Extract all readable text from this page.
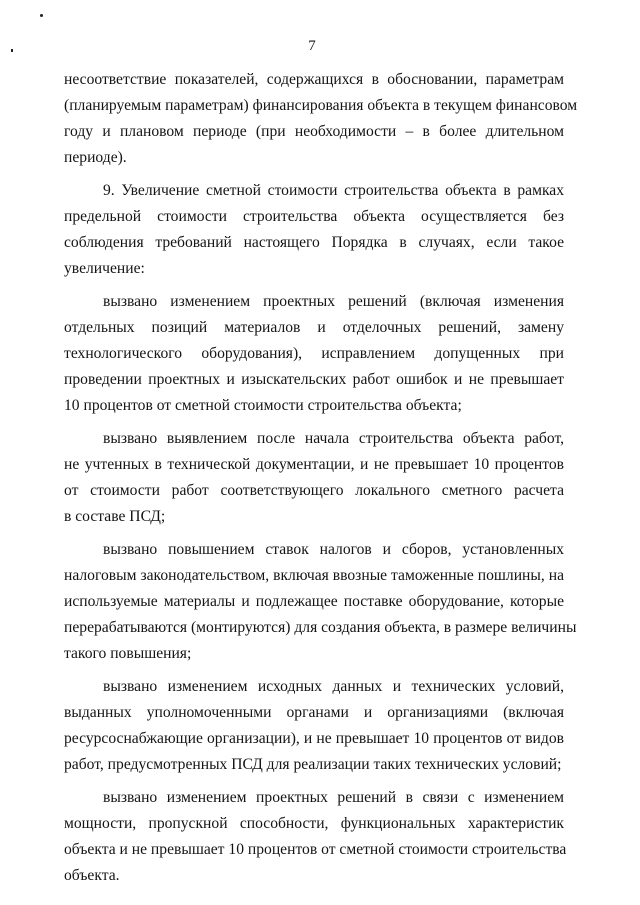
7
несоответствие показателей, содержащихся в обосновании, параметрам
(планируемым параметрам) финансирования объекта в текущем финансовом
году и плановом периоде (при необходимости – в более длительном
периоде).
9. Увеличение сметной стоимости строительства объекта в рамках
предельной стоимости строительства объекта осуществляется без
соблюдения требований настоящего Порядка в случаях, если такое
увеличение:
вызвано изменением проектных решений (включая изменения
отдельных позиций материалов и отделочных решений, замену
технологического оборудования), исправлением допущенных при
проведении проектных и изыскательских работ ошибок и не превышает
10 процентов от сметной стоимости строительства объекта;
вызвано выявлением после начала строительства объекта работ,
не учтенных в технической документации, и не превышает 10 процентов
от стоимости работ соответствующего локального сметного расчета
в составе ПСД;
вызвано повышением ставок налогов и сборов, установленных
налоговым законодательством, включая ввозные таможенные пошлины, на
используемые материалы и подлежащее поставке оборудование, которые
перерабатываются (монтируются) для создания объекта, в размере величины
такого повышения;
вызвано изменением исходных данных и технических условий,
выданных уполномоченными органами и организациями (включая
ресурсоснабжающие организации), и не превышает 10 процентов от видов
работ, предусмотренных ПСД для реализации таких технических условий;
вызвано изменением проектных решений в связи с изменением
мощности, пропускной способности, функциональных характеристик
объекта и не превышает 10 процентов от сметной стоимости строительства
объекта.
